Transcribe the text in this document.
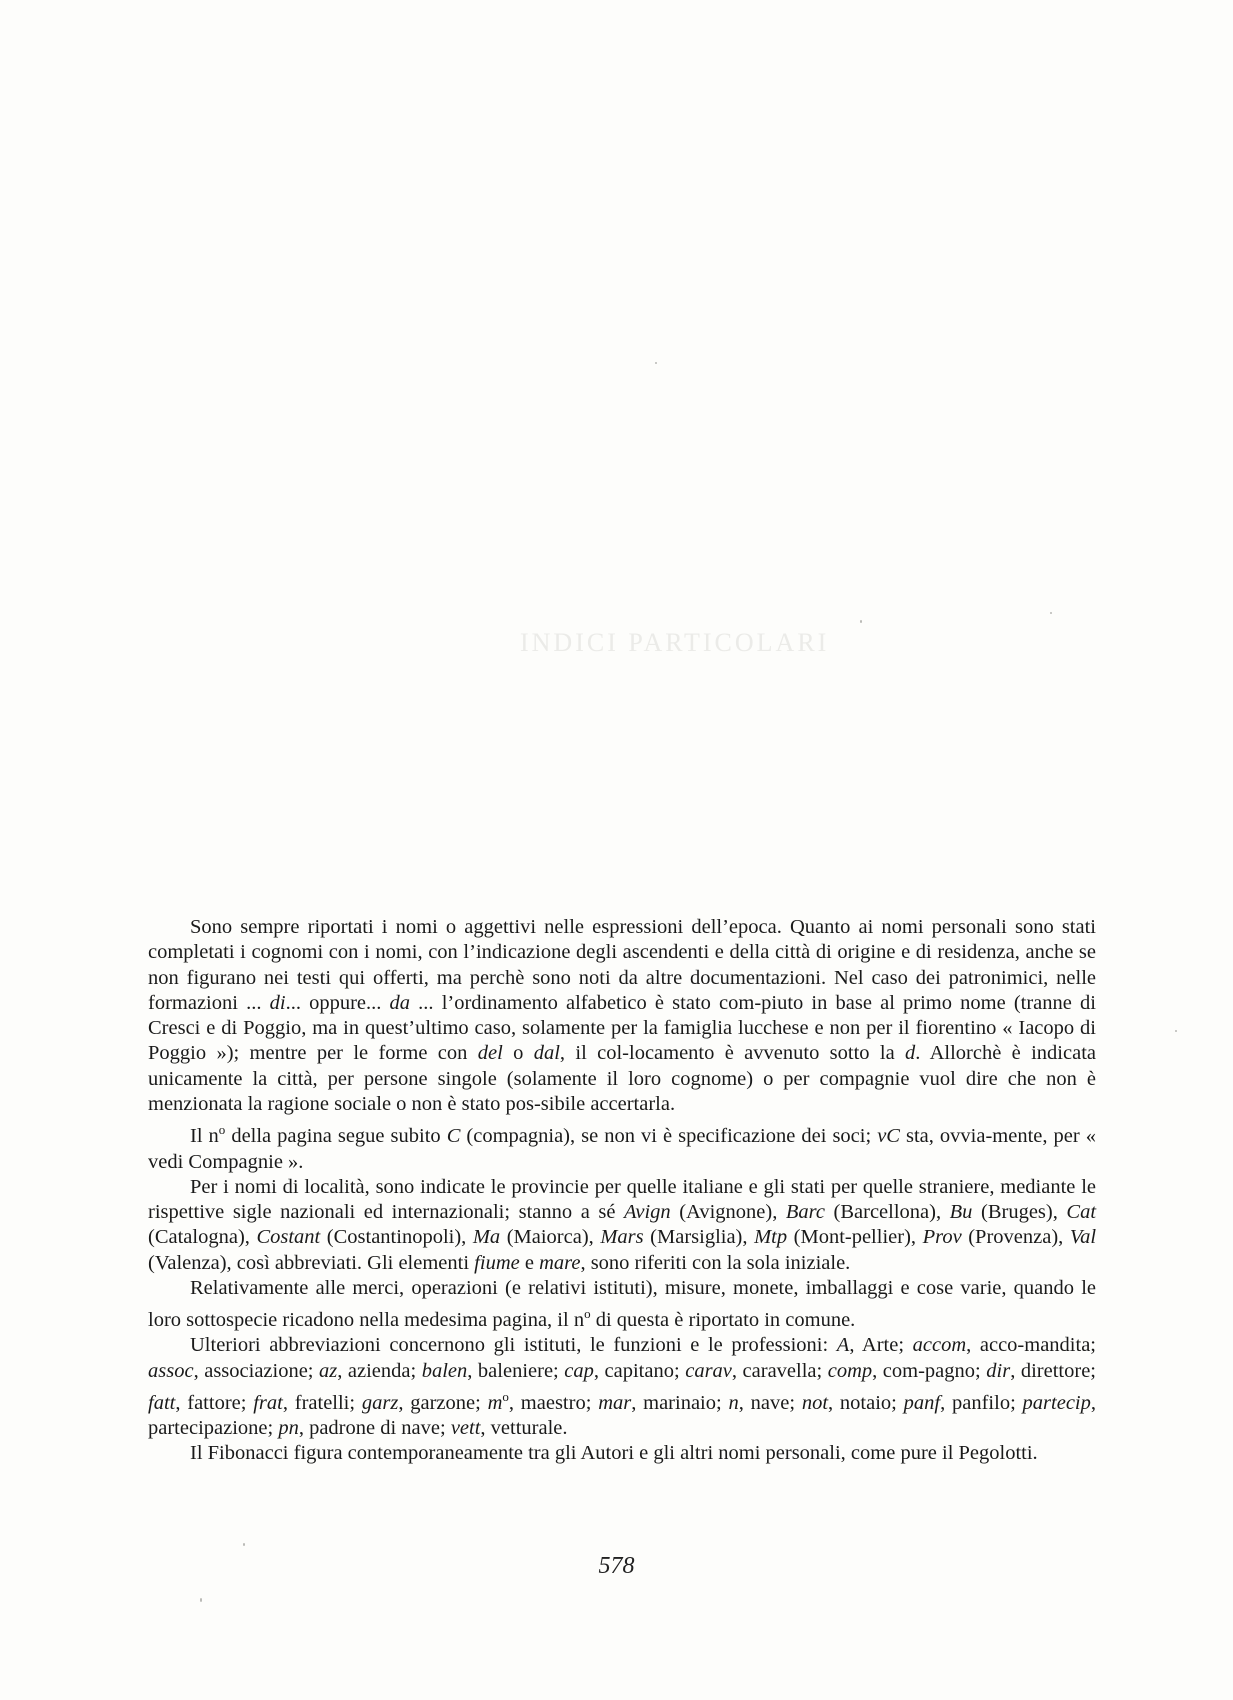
INDICI PARTICOLARI

Sono sempre riportati i nomi o aggettivi nelle espressioni dell’epoca. Quanto ai nomi personali sono stati completati i cognomi con i nomi, con l’indicazione degli ascendenti e della città di origine e di residenza, anche se non figurano nei testi qui offerti, ma perchè sono noti da altre documentazioni. Nel caso dei patronimici, nelle formazioni ... di... oppure... da ... l’ordinamento alfabetico è stato com-piuto in base al primo nome (tranne di Cresci e di Poggio, ma in quest’ultimo caso, solamente per la famiglia lucchese e non per il fiorentino « Iacopo di Poggio »); mentre per le forme con del o dal, il col-locamento è avvenuto sotto la d. Allorchè è indicata unicamente la città, per persone singole (solamente il loro cognome) o per compagnie vuol dire che non è menzionata la ragione sociale o non è stato pos-sibile accertarla.

Il $n^o$ della pagina segue subito C (compagnia), se non vi è specificazione dei soci; vC sta, ovvia-mente, per « vedi Compagnie ».

Per i nomi di località, sono indicate le provincie per quelle italiane e gli stati per quelle straniere, mediante le rispettive sigle nazionali ed internazionali; stanno a sé Avign (Avignone), Barc (Barcellona), Bu (Bruges), Cat (Catalogna), Costant (Costantinopoli), Ma (Maiorca), Mars (Marsiglia), Mtp (Mont-pellier), Prov (Provenza), Val (Valenza), così abbreviati. Gli elementi fiume e mare, sono riferiti con la sola iniziale.

Relativamente alle merci, operazioni (e relativi istituti), misure, monete, imballaggi e cose varie, quando le loro sottospecie ricadono nella medesima pagina, il $n^o$ di questa è riportato in comune.

Ulteriori abbreviazioni concernono gli istituti, le funzioni e le professioni: A, Arte; accom, acco-mandita; assoc, associazione; az, azienda; balen, baleniere; cap, capitano; carav, caravella; comp, com-pagno; dir, direttore; fatt, fattore; frat, fratelli; garz, garzone; $m^o$, maestro; mar, marinaio; n, nave; not, notaio; panf, panfilo; partecip, partecipazione; pn, padrone di nave; vett, vetturale.

Il Fibonacci figura contemporaneamente tra gli Autori e gli altri nomi personali, come pure il Pegolotti.

578
